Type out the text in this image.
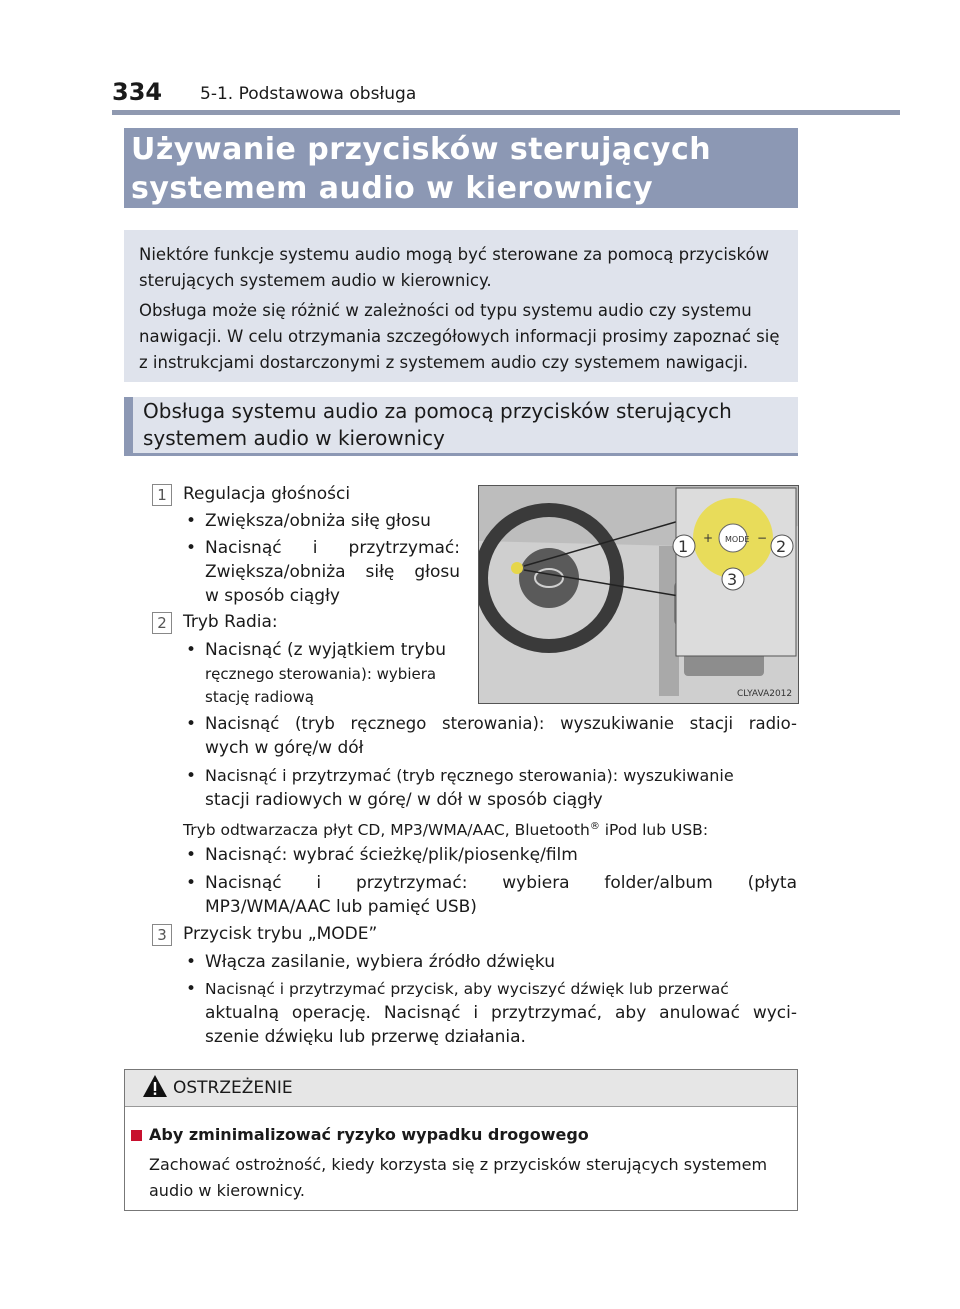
334 5-1. Podstawowa obsługa
Używanie przycisków sterujących systemem audio w kierownicy
Niektóre funkcje systemu audio mogą być sterowane za pomocą przycisków sterujących systemem audio w kierownicy.
Obsługa może się różnić w zależności od typu systemu audio czy systemu nawigacji. W celu otrzymania szczegółowych informacji prosimy zapoznać się z instrukcjami dostarczonymi z systemem audio czy systemem nawigacji.
Obsługa systemu audio za pomocą przycisków sterujących systemem audio w kierownicy
MODE
+	−
1	2
3
CLYAVA2012
1 Regulacja głośności
• Zwiększa/obniża siłę głosu
• Nacisnąć i przytrzymać:
Zwiększa/obniża siłę głosu
w sposób ciągły
2 Tryb Radia:
• Nacisnąć (z wyjątkiem trybu
ręcznego sterowania): wybiera
stację radiową
• Nacisnąć (tryb ręcznego sterowania): wyszukiwanie stacji radio-
wych w górę/w dół
• Nacisnąć i przytrzymać (tryb ręcznego sterowania): wyszukiwanie
stacji radiowych w górę/ w dół w sposób ciągły
Tryb odtwarzacza płyt CD, MP3/WMA/AAC, Bluetooth® iPod lub USB:
• Nacisnąć: wybrać ścieżkę/plik/piosenkę/film
• Nacisnąć i przytrzymać: wybiera folder/album (płyta
MP3/WMA/AAC lub pamięć USB)
3 Przycisk trybu „MODE”
• Włącza zasilanie, wybiera źródło dźwięku
• Nacisnąć i przytrzymać przycisk, aby wyciszyć dźwięk lub przerwać
aktualną operację. Nacisnąć i przytrzymać, aby anulować wyci-
szenie dźwięku lub przerwę działania.
OSTRZEŻENIE
Aby zminimalizować ryzyko wypadku drogowego
Zachować ostrożność, kiedy korzysta się z przycisków sterujących systemem audio w kierownicy.
